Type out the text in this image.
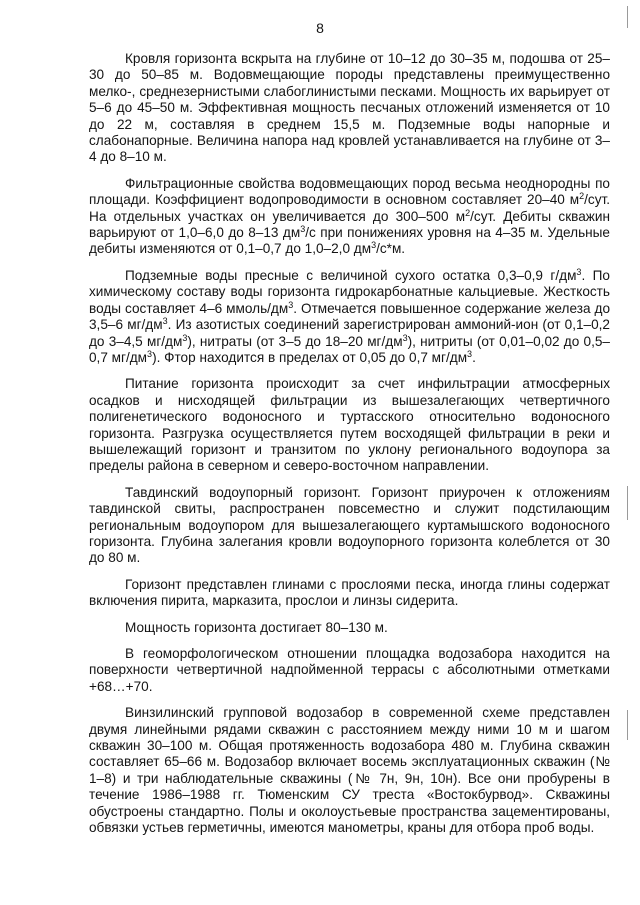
8

Кровля горизонта вскрыта на глубине от 10–12 до 30–35 м, подошва от 25–30 до 50–85 м. Водовмещающие породы представлены преимущественно мелко-, среднезернистыми слабоглинистыми песками. Мощность их варьирует от 5–6 до 45–50 м. Эффективная мощность песчаных отложений изменяется от 10 до 22 м, составляя в среднем 15,5 м. Подземные воды напорные и слабонапорные. Величина напора над кровлей устанавливается на глубине от 3–4 до 8–10 м.

Фильтрационные свойства водовмещающих пород весьма неоднородны по площади. Коэффициент водопроводимости в основном составляет 20–40 $м^2$/сут. На отдельных участках он увеличивается до 300–500 $м^2$/сут. Дебиты скважин варьируют от 1,0–6,0 до 8–13 $дм^3/с$ при понижениях уровня на 4–35 м. Удельные дебиты изменяются от 0,1–0,7 до 1,0–2,0 $дм^3/с*м$.

Подземные воды пресные с величиной сухого остатка 0,3–0,9 $г/дм^3$. По химическому составу воды горизонта гидрокарбонатные кальциевые. Жесткость воды составляет 4–6 ммоль/$дм^3$. Отмечается повышенное содержание железа до 3,5–6 $мг/дм^3$. Из азотистых соединений зарегистрирован аммоний-ион (от 0,1–0,2 до 3–4,5 $мг/дм^3$), нитраты (от 3–5 до 18–20 $мг/дм^3$), нитриты (от 0,01–0,02 до 0,5–0,7 $мг/дм^3$). Фтор находится в пределах от 0,05 до 0,7 $мг/дм^3$.

Питание горизонта происходит за счет инфильтрации атмосферных осадков и нисходящей фильтрации из вышезалегающих четвертичного полигенетического водоносного и туртасского относительно водоносного горизонта. Разгрузка осуществляется путем восходящей фильтрации в реки и вышележащий горизонт и транзитом по уклону регионального водоупора за пределы района в северном и северо-восточном направлении.

Тавдинский водоупорный горизонт. Горизонт приурочен к отложениям тавдинской свиты, распространен повсеместно и служит подстилающим региональным водоупором для вышезалегающего куртамышского водоносного горизонта. Глубина залегания кровли водоупорного горизонта колеблется от 30 до 80 м.

Горизонт представлен глинами с прослоями песка, иногда глины содержат включения пирита, марказита, прослои и линзы сидерита.

Мощность горизонта достигает 80–130 м.

В геоморфологическом отношении площадка водозабора находится на поверхности четвертичной надпойменной террасы с абсолютными отметками +68…+70.

Винзилинский групповой водозабор в современной схеме представлен двумя линейными рядами скважин с расстоянием между ними 10 м и шагом скважин 30–100 м. Общая протяженность водозабора 480 м. Глубина скважин составляет 65–66 м. Водозабор включает восемь эксплуатационных скважин (№ 1–8) и три наблюдательные скважины (№ 7н, 9н, 10н). Все они пробурены в течение 1986–1988 гг. Тюменским СУ треста «Востокбурвод». Скважины обустроены стандартно. Полы и околоустьевые пространства зацементированы, обвязки устьев герметичны, имеются манометры, краны для отбора проб воды.
